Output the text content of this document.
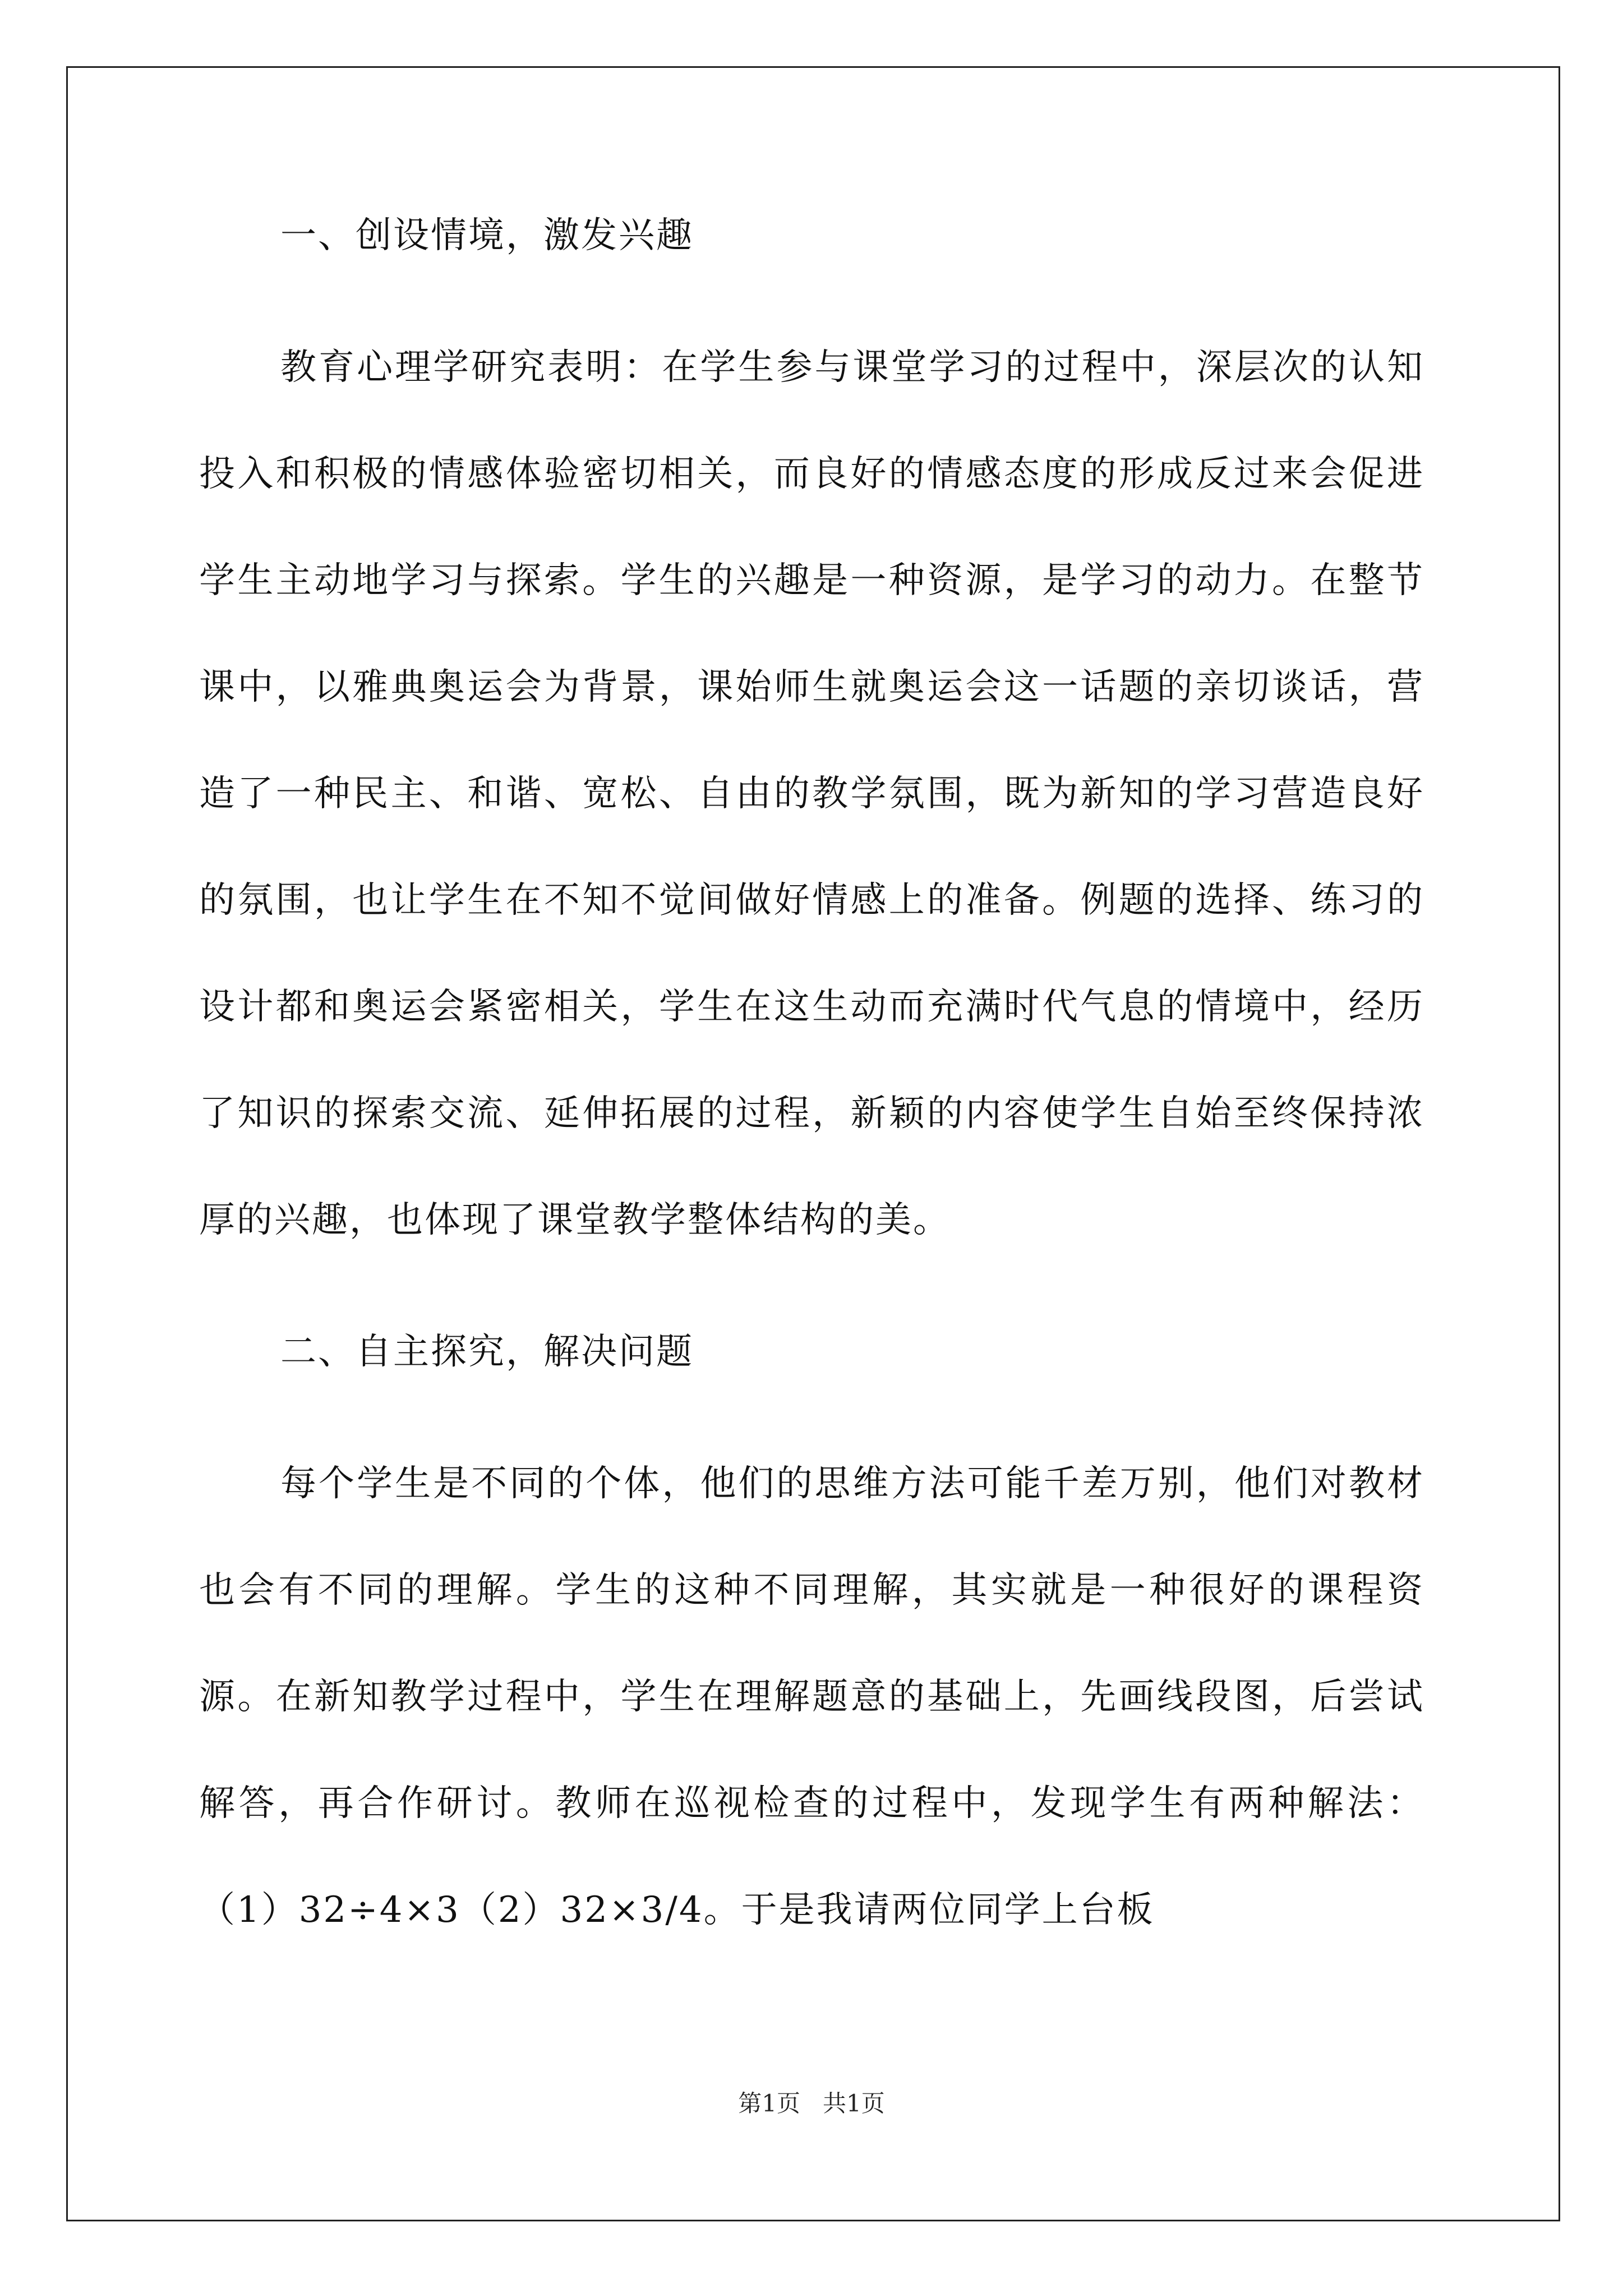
一、创设情境，激发兴趣

教育心理学研究表明：在学生参与课堂学习的过程中，深层次的认知投入和积极的情感体验密切相关，而良好的情感态度的形成反过来会促进学生主动地学习与探索。学生的兴趣是一种资源，是学习的动力。在整节课中，以雅典奥运会为背景，课始师生就奥运会这一话题的亲切谈话，营造了一种民主、和谐、宽松、自由的教学氛围，既为新知的学习营造良好的氛围，也让学生在不知不觉间做好情感上的准备。例题的选择、练习的设计都和奥运会紧密相关，学生在这生动而充满时代气息的情境中，经历了知识的探索交流、延伸拓展的过程，新颖的内容使学生自始至终保持浓厚的兴趣，也体现了课堂教学整体结构的美。

二、自主探究，解决问题

每个学生是不同的个体，他们的思维方法可能千差万别，他们对教材也会有不同的理解。学生的这种不同理解，其实就是一种很好的课程资源。在新知教学过程中，学生在理解题意的基础上，先画线段图，后尝试解答，再合作研讨。教师在巡视检查的过程中，发现学生有两种解法：（1）32÷4×3（2）32×3/4。于是我请两位同学上台板

第1页   共1页
